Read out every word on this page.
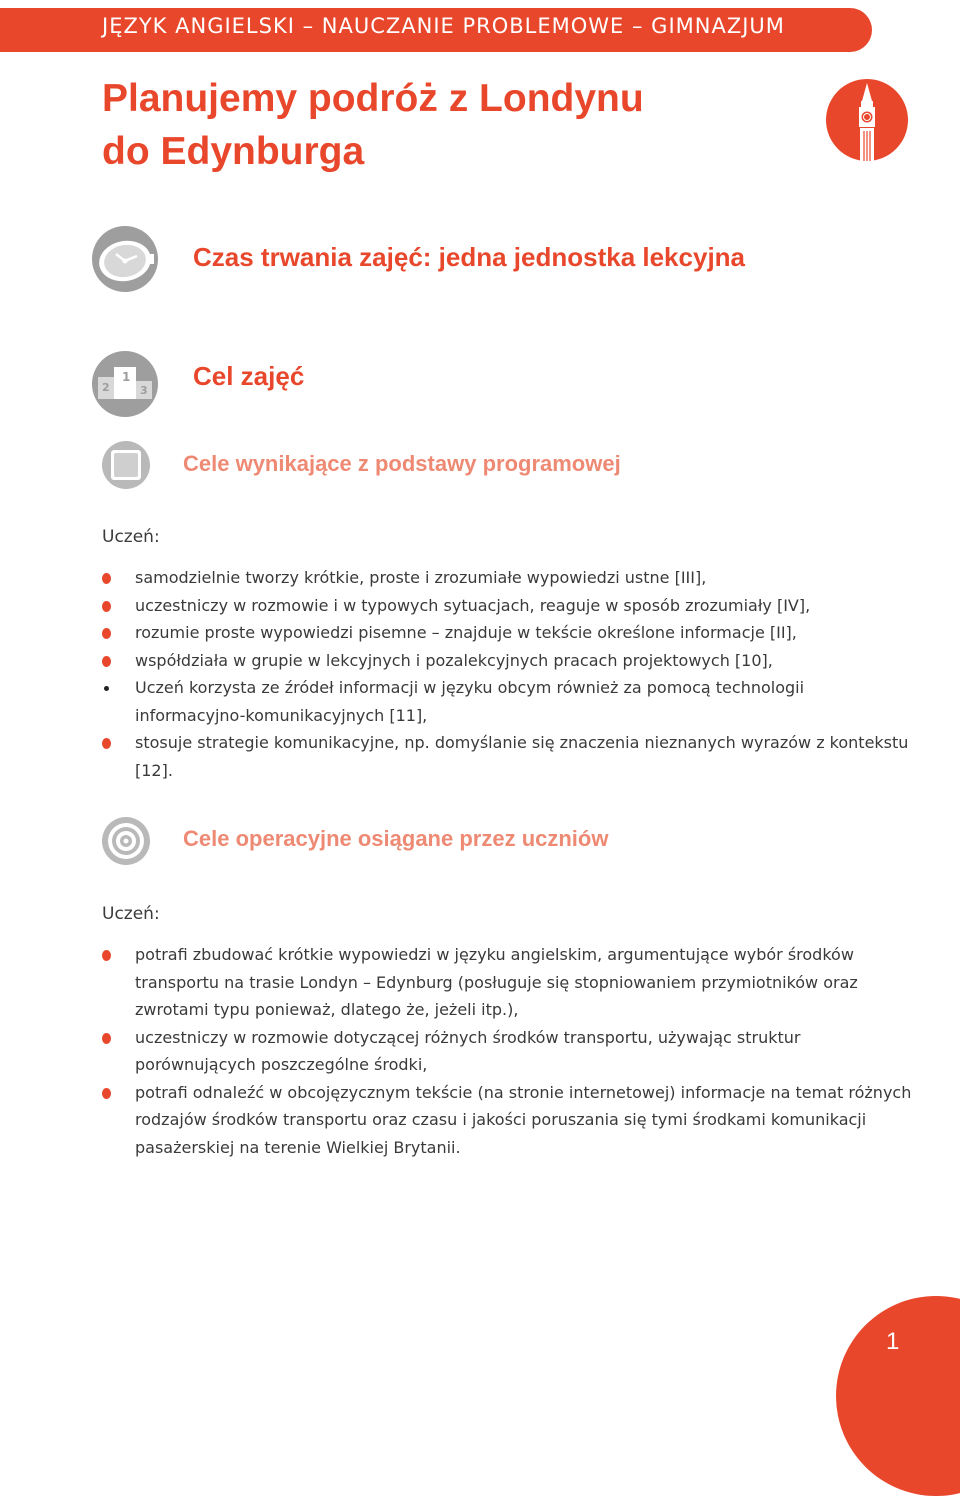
JĘZYK ANGIELSKI – NAUCZANIE PROBLEMOWE – GIMNAZJUM
Planujemy podróż z Londynu
do Edynburga
Czas trwania zajęć: jedna jednostka lekcyjna
1
2	3 Cel zajęć
Cele wynikające z podstawy programowej
Uczeń:
samodzielnie tworzy krótkie, proste i zrozumiałe wypowiedzi ustne [III],
uczestniczy w rozmowie i w typowych sytuacjach, reaguje w sposób zrozumiały [IV],
rozumie proste wypowiedzi pisemne – znajduje w tekście określone informacje [II],
współdziała w grupie w lekcyjnych i pozalekcyjnych pracach projektowych [10],
Uczeń korzysta ze źródeł informacji w języku obcym również za pomocą technologii informacyjno-komunikacyjnych [11],
stosuje strategie komunikacyjne, np. domyślanie się znaczenia nieznanych wyrazów z kontekstu [12].
Cele operacyjne osiągane przez uczniów
Uczeń:
potrafi zbudować krótkie wypowiedzi w języku angielskim, argumentujące wybór środków transportu na trasie Londyn – Edynburg (posługuje się stopniowaniem przymiotników oraz zwrotami typu ponieważ, dlatego że, jeżeli itp.),
uczestniczy w rozmowie dotyczącej różnych środków transportu, używając struktur porównujących poszczególne środki,
potrafi odnaleźć w obcojęzycznym tekście (na stronie internetowej) informacje na temat różnych rodzajów środków transportu oraz czasu i jakości poruszania się tymi środkami komunikacji pasażerskiej na terenie Wielkiej Brytanii.
1
